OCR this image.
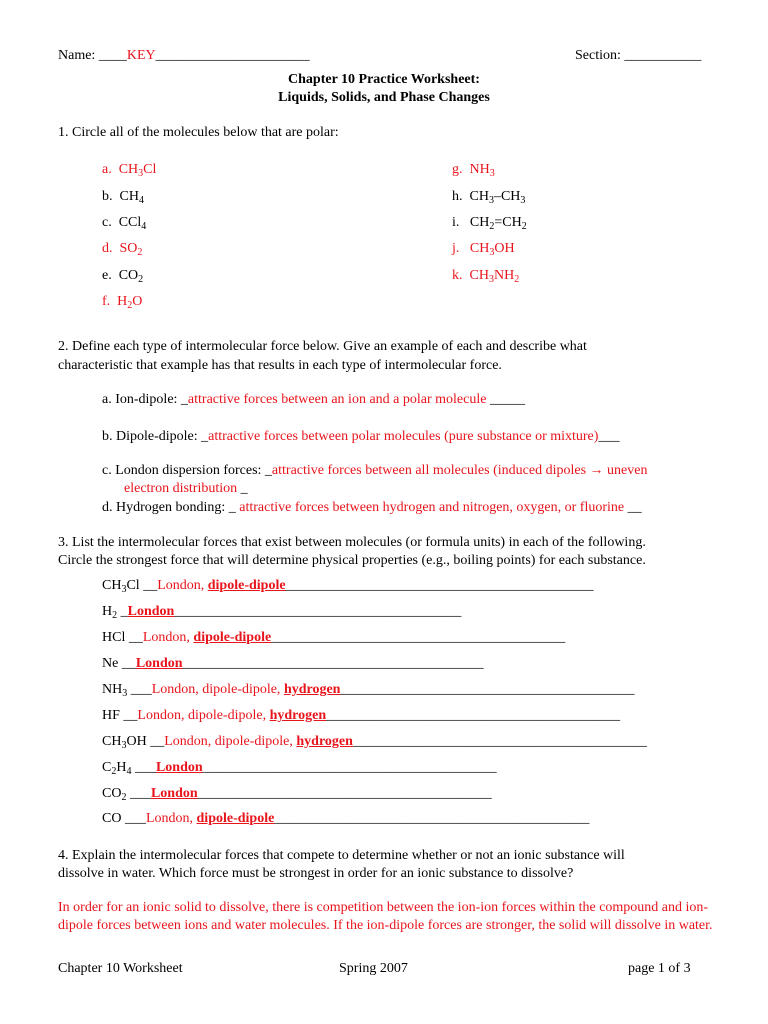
Name: ____KEY______________________	Section: ___________
Chapter 10 Practice Worksheet:
Liquids, Solids, and Phase Changes
1. Circle all of the molecules below that are polar:
a. $CH_3Cl$
b. $CH_4$
c. CCl$_4$
d. $SO_2$
e. $CO_2$
f. $H_2O$
g. $NH_3$
h. $CH_3-CH_3$
i. $CH_2=CH_2$
j. $CH_3OH$
k. $CH_3NH_2$
2. Define each type of intermolecular force below. Give an example of each and describe what
characteristic that example has that results in each type of intermolecular force.
a. Ion-dipole: _attractive forces between an ion and a polar molecule _____
b. Dipole-dipole: _attractive forces between polar molecules (pure substance or mixture)___
c. London dispersion forces: _attractive forces between all molecules (induced dipoles → uneven
electron distribution _
d. Hydrogen bonding: _ attractive forces between hydrogen and nitrogen, oxygen, or fluorine __
3. List the intermolecular forces that exist between molecules (or formula units) in each of the following.
Circle the strongest force that will determine physical properties (e.g., boiling points) for each substance.
$CH_3Cl$ __London, dipole-dipole____________________________________________
$H_2$ _London_________________________________________
HCl __London, dipole-dipole__________________________________________
Ne __London___________________________________________
$NH_3$ ___London, dipole-dipole, hydrogen__________________________________________
HF __London, dipole-dipole, hydrogen__________________________________________
$CH_3OH$ __London, dipole-dipole, hydrogen__________________________________________
$C_2H_4$ ___London__________________________________________
$CO_2$ ___London__________________________________________
CO ___London, dipole-dipole_____________________________________________
4. Explain the intermolecular forces that compete to determine whether or not an ionic substance will
dissolve in water. Which force must be strongest in order for an ionic substance to dissolve?
In order for an ionic solid to dissolve, there is competition between the ion-ion forces within the compound and ion-dipole forces between ions and water molecules. If the ion-dipole forces are stronger, the solid will dissolve in water.
Chapter 10 Worksheet	Spring 2007	page 1 of 3
